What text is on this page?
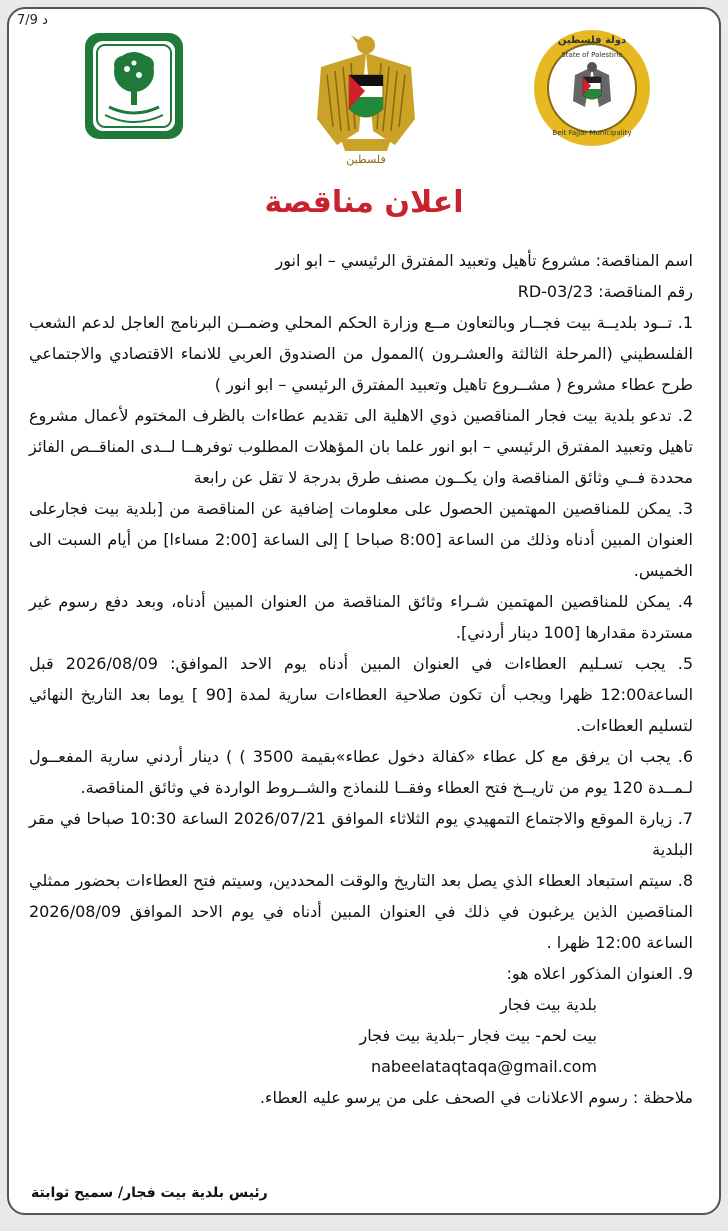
7/9 د
فلسطين
دولة فلسطين
State of Palestine
Beit Fajjar Municipality
اعلان مناقصة

اسم المناقصة: مشروع تأهيل وتعبيد المفترق الرئيسي – ابو انور

رقم المناقصة: 23/RD-03

1. تــود بلديــة بيت فجــار وبالتعاون مــع وزارة الحكم المحلي وضمــن البرنامج العاجل لدعم الشعب الفلسطيني (المرحلة الثالثة والعشـرون )الممول من الصندوق العربي للانماء الاقتصادي والاجتماعي طرح عطاء مشروع ( مشــروع تاهيل وتعبيد المفترق الرئيسي – ابو انور )

2. تدعو بلدية بيت فجار المناقصين ذوي الاهلية الى تقديم عطاءات بالظرف المختوم لأعمال مشروع تاهيل وتعبيد المفترق الرئيسي – ابو انور علما بان المؤهلات المطلوب توفرهــا لــدى المناقــص الفائز محددة فــي وثائق المناقصة وان يكــون مصنف طرق بدرجة لا تقل عن رابعة

3. يمكن للمناقصين المهتمين الحصول على معلومات إضافية عن المناقصة من [بلدية بيت فجارعلى العنوان المبين أدناه وذلك من الساعة [8:00 صباحا ] إلى الساعة [2:00 مساءا] من أيام السبت الى الخميس.

4. يمكن للمناقصين المهتمين شـراء وثائق المناقصة من العنوان المبين أدناه، وبعد دفع رسوم غير مستردة مقدارها [100 دينار أردني].

5. يجب تسـليم العطاءات في العنوان المبين أدناه يوم الاحد الموافق: 2026/08/09 قبل الساعة12:00 ظهرا ويجب أن تكون صلاحية العطاءات سارية لمدة [90 ] يوما بعد التاريخ النهائي لتسليم العطاءات.

6. يجب ان يرفق مع كل عطاء «كفالة دخول عطاء»بقيمة 3500 ) ) دينار أردني سارية المفعــول لـمــدة 120 يوم من تاريــخ فتح العطاء وفقــا للنماذج والشــروط الواردة في وثائق المناقصة.

7. زيارة الموقع والاجتماع التمهيدي يوم الثلاثاء الموافق 2026/07/21 الساعة 10:30 صباحا في مقر البلدية

8. سيتم استبعاد العطاء الذي يصل بعد التاريخ والوقت المحددين، وسيتم فتح العطاءات بحضور ممثلي المناقصين الذين يرغبون في ذلك في العنوان المبين أدناه في يوم الاحد الموافق 2026/08/09 الساعة 12:00 ظهرا .

9. العنوان المذكور اعلاه هو:

بلدية بيت فجار

بيت لحم- بيت فجار –بلدية بيت فجار

nabeelataqtaqa@gmail.com

ملاحظة : رسوم الاعلانات في الصحف على من يرسو عليه العطاء.

رئيس بلدية بيت فجار/ سميح ثوابتة
